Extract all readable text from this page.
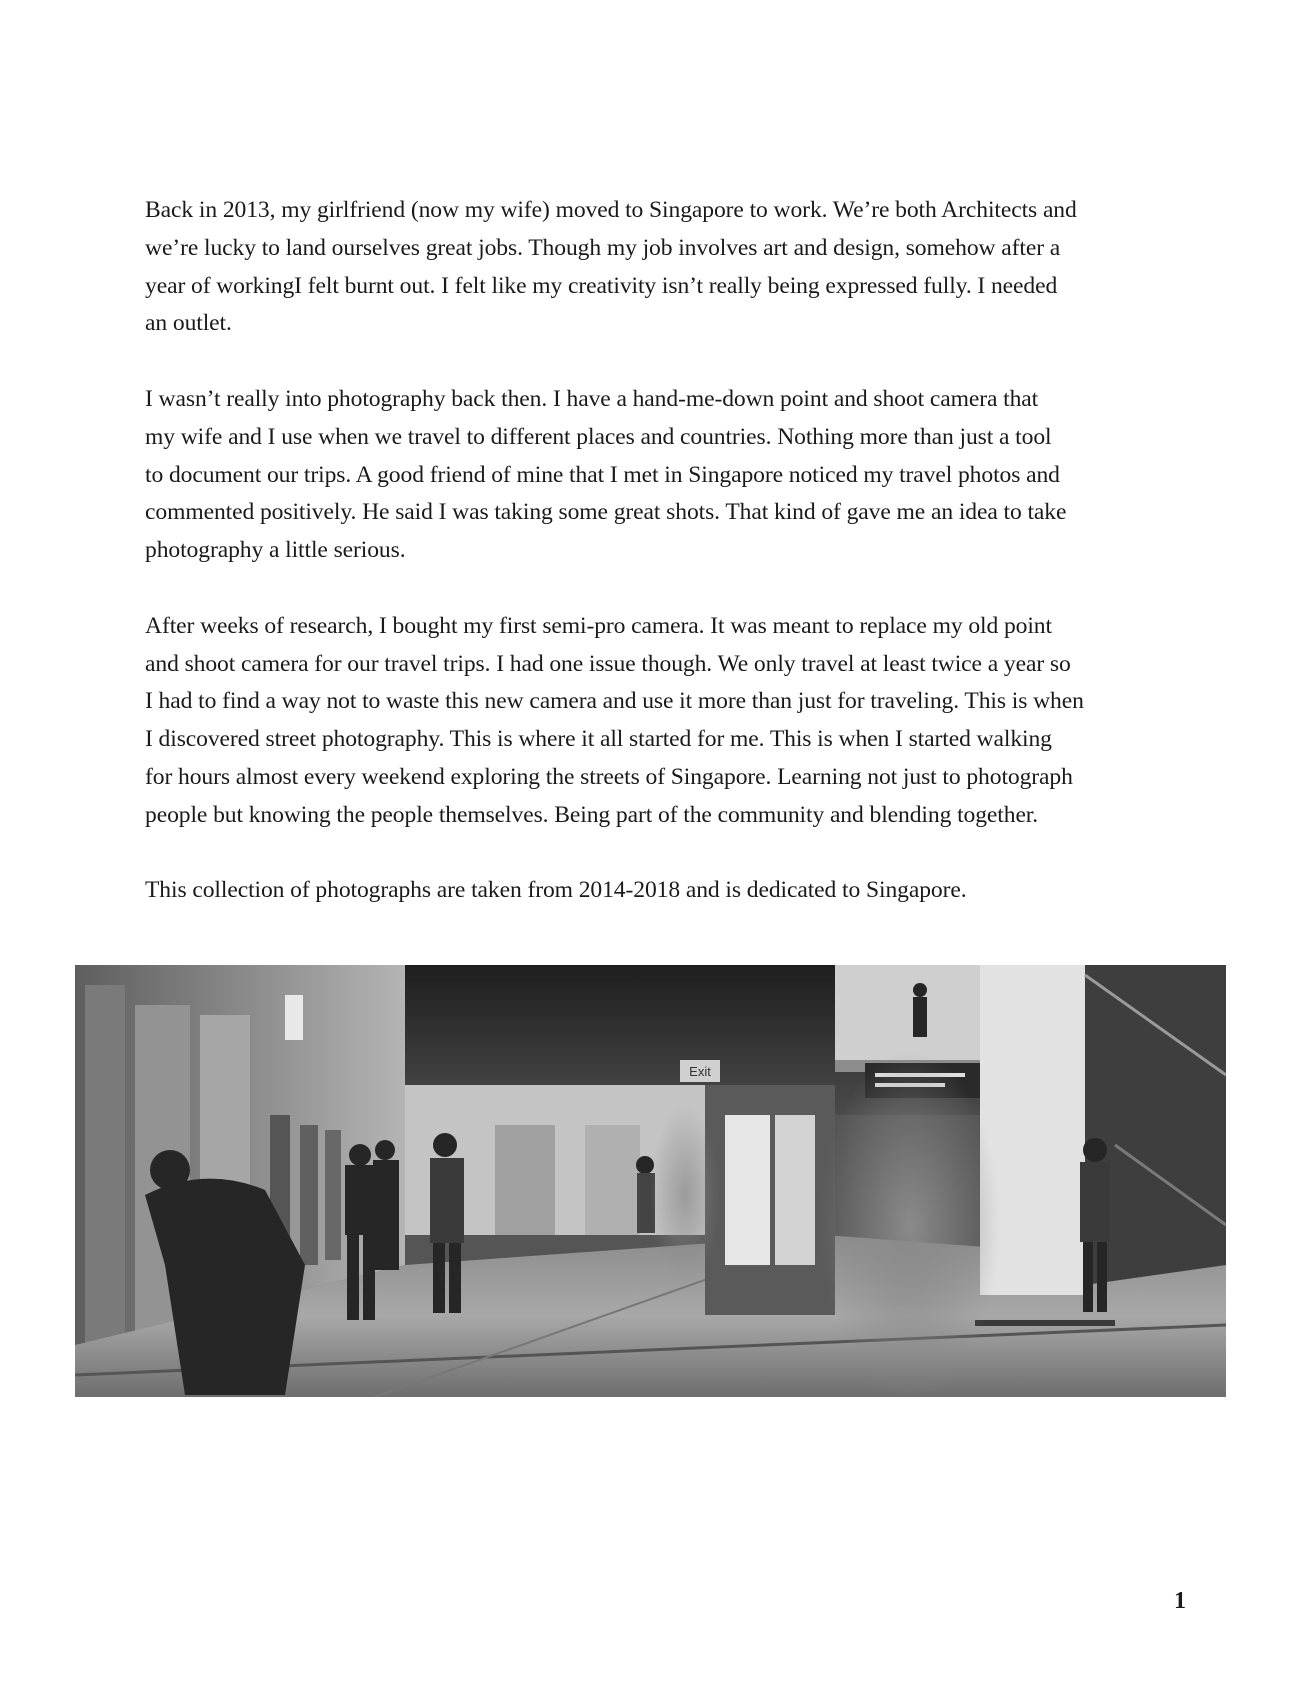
Back in 2013, my girlfriend (now my wife) moved to Singapore to work. We’re both Architects and
we’re lucky to land ourselves great jobs. Though my job involves art and design, somehow after a
year of workingI felt burnt out. I felt like my creativity isn’t really being expressed fully. I needed
an outlet.

I wasn’t really into photography back then. I have a hand-me-down point and shoot camera that
my wife and I use when we travel to different places and countries. Nothing more than just a tool
to document our trips. A good friend of mine that I met in Singapore noticed my travel photos and
commented positively. He said I was taking some great shots. That kind of gave me an idea to take
photography a little serious.

After weeks of research, I bought my first semi-pro camera. It was meant to replace my old point
and shoot camera for our travel trips. I had one issue though. We only travel at least twice a year so
I had to find a way not to waste this new camera and use it more than just for traveling. This is when
I discovered street photography. This is where it all started for me. This is when I started walking
for hours almost every weekend exploring the streets of Singapore. Learning not just to photograph
people but knowing the people themselves. Being part of the community and blending together.

This collection of photographs are taken from 2014-2018 and is dedicated to Singapore.

Exit
1
